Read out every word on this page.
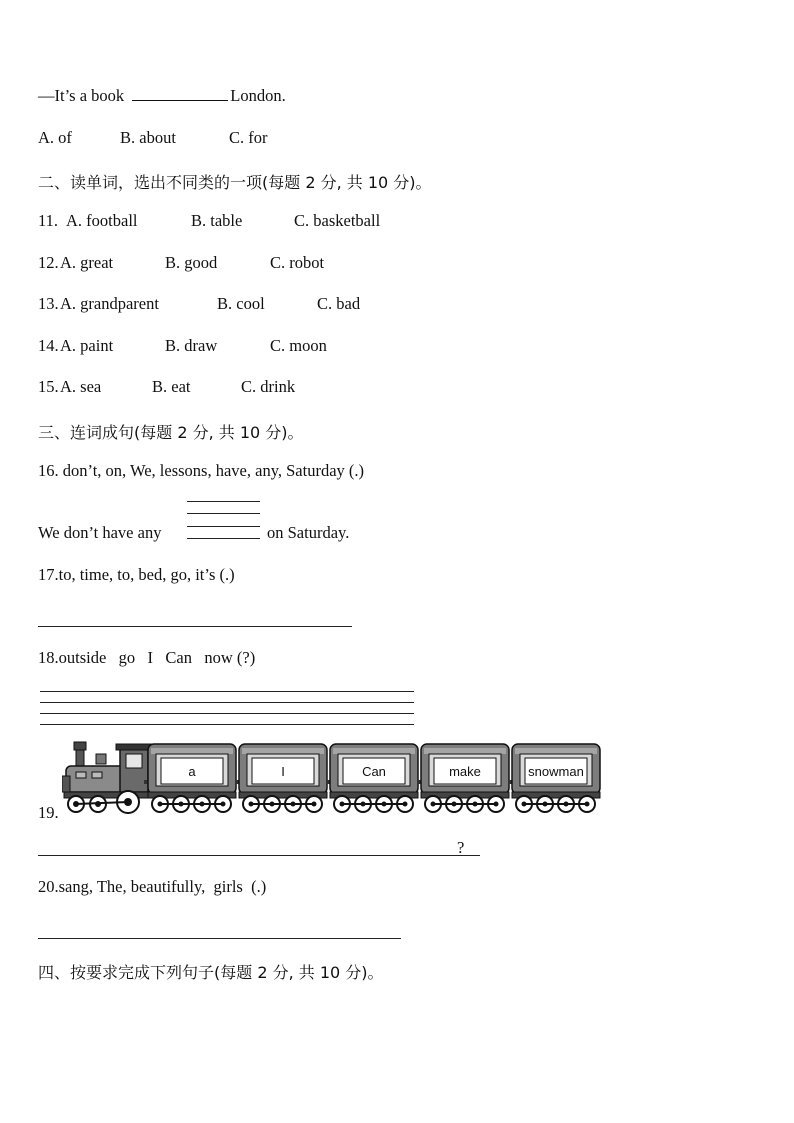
—It’s a book	London.
A. of	B. about	C. for
二、读单词，选出不同类的一项(每题 2 分, 共 10 分)。
11. A. football	B. table	C. basketball
12.A. great	B. good	C. robot
13.A. grandparent	B. cool	C. bad
14.A. paint	B. draw	C. moon
15.A. sea	B. eat	C. drink
三、连词成句(每题 2 分, 共 10 分)。
16. don’t, on, We, lessons, have, any, Saturday (.)
We don’t have any	on Saturday.
17.to, time, to, bed, go, it’s (.)
18.outside   go   I   Can   now (?)
a	I	Can	make	snowman
19.
?
20.sang, The, beautifully,  girls  (.)
四、按要求完成下列句子(每题 2 分, 共 10 分)。
